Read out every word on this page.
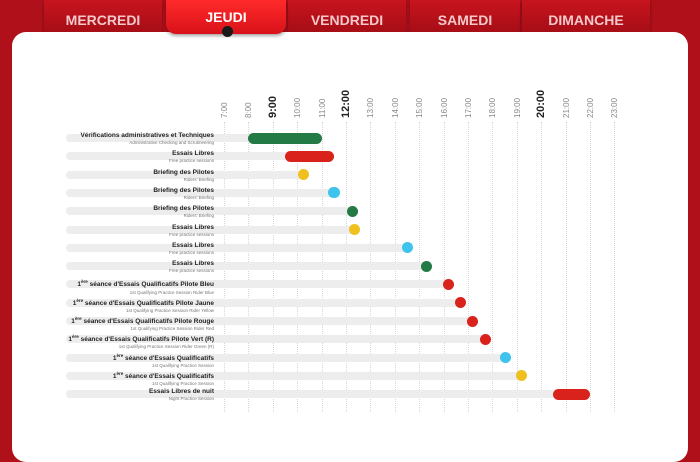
MERCREDI	VENDREDI	SAMEDI	DIMANCHE
JEUDI
7:00 8:00 9:00 10:00 11:00 12:00 13:00 14:00 15:00 16:00 17:00 18:00 19:00 20:00 21:00 22:00 23:00
Vérifications administratives et Techniques
Administrative Checking and Scrutineering
Essais Libres
Free practice sessions
Briefing des Pilotes
Riders' Briefing
Briefing des Pilotes
Riders' Briefing
Briefing des Pilotes
Riders' Briefing
Essais Libres
Free practice sessions
Essais Libres
Free practice sessions
Essais Libres
Free practice sessions
1ère séance d'Essais Qualificatifs Pilote Bleu
1st Qualifying Practice Session Rider Blue
1ère séance d'Essais Qualificatifs Pilote Jaune
1st Qualifying Practice Session Rider Yellow
1ère séance d'Essais Qualificatifs Pilote Rouge
1st Qualifying Practice Session Rider Red
1ère séance d'Essais Qualificatifs Pilote Vert (R)
1st Qualifying Practice Session Rider Green (R)
1ère séance d'Essais Qualificatifs
1st Qualifying Practice Session
1ère séance d'Essais Qualificatifs
1st Qualifying Practice Session
Essais Libres de nuit
Night Practice Session
